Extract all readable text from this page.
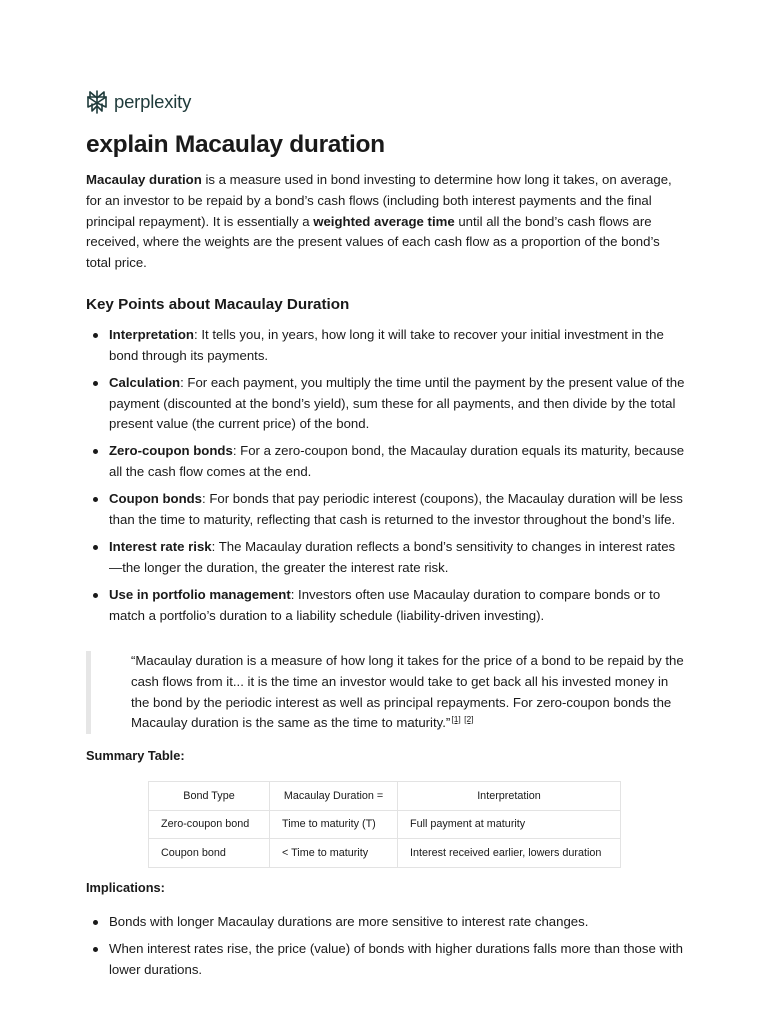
perplexity
explain Macaulay duration

Macaulay duration is a measure used in bond investing to determine how long it takes, on average, for an investor to be repaid by a bond’s cash flows (including both interest payments and the final principal repayment). It is essentially a weighted average time until all the bond’s cash flows are received, where the weights are the present values of each cash flow as a proportion of the bond’s total price.

Key Points about Macaulay Duration
Interpretation: It tells you, in years, how long it will take to recover your initial investment in the bond through its payments.
Calculation: For each payment, you multiply the time until the payment by the present value of the payment (discounted at the bond’s yield), sum these for all payments, and then divide by the total present value (the current price) of the bond.
Zero-coupon bonds: For a zero-coupon bond, the Macaulay duration equals its maturity, because all the cash flow comes at the end.
Coupon bonds: For bonds that pay periodic interest (coupons), the Macaulay duration will be less than the time to maturity, reflecting that cash is returned to the investor throughout the bond’s life.
Interest rate risk: The Macaulay duration reflects a bond’s sensitivity to changes in interest rates—the longer the duration, the greater the interest rate risk.
Use in portfolio management: Investors often use Macaulay duration to compare bonds or to match a portfolio’s duration to a liability schedule (liability-driven investing).
“Macaulay duration is a measure of how long it takes for the price of a bond to be repaid by the cash flows from it... it is the time an investor would take to get back all his invested money in the bond by the periodic interest as well as principal repayments. For zero-coupon bonds the Macaulay duration is the same as the time to maturity.”[1] [2]
Summary Table:
Bond Type	Macaulay Duration =	Interpretation
Zero-coupon bond	Time to maturity (T)	Full payment at maturity
Coupon bond	< Time to maturity	Interest received earlier, lowers duration
Implications:
Bonds with longer Macaulay durations are more sensitive to interest rate changes.
When interest rates rise, the price (value) of bonds with higher durations falls more than those with lower durations.
